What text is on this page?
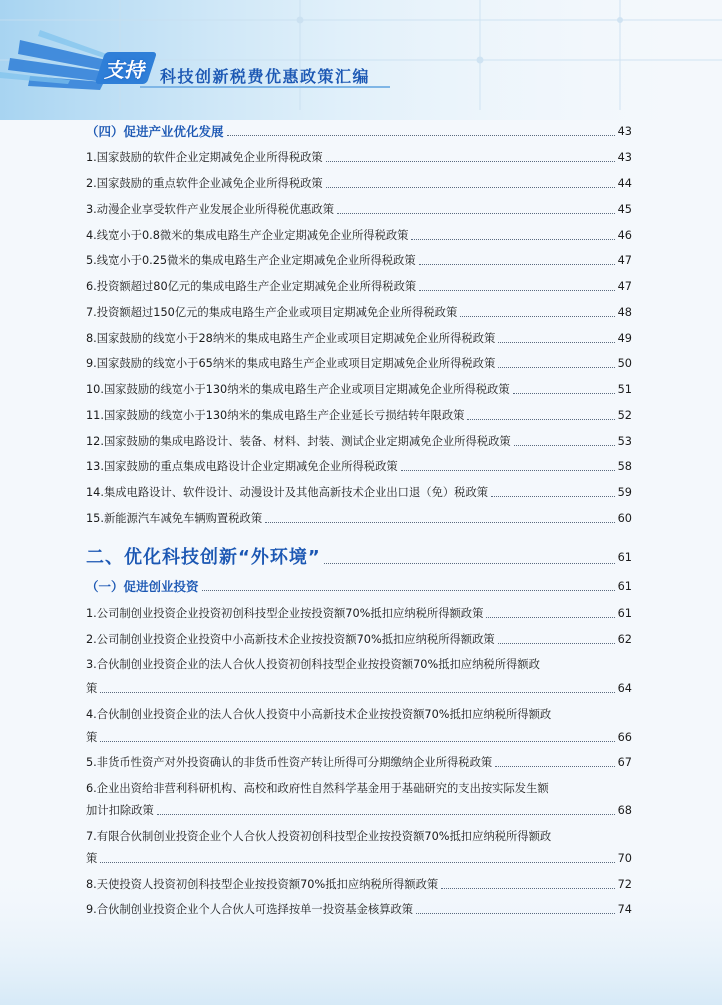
支持 科技创新税费优惠政策汇编
（四）促进产业优化发展	43
1.国家鼓励的软件企业定期减免企业所得税政策	43
2.国家鼓励的重点软件企业减免企业所得税政策	44
3.动漫企业享受软件产业发展企业所得税优惠政策	45
4.线宽小于0.8微米的集成电路生产企业定期减免企业所得税政策	46
5.线宽小于0.25微米的集成电路生产企业定期减免企业所得税政策	47
6.投资额超过80亿元的集成电路生产企业定期减免企业所得税政策	47
7.投资额超过150亿元的集成电路生产企业或项目定期减免企业所得税政策	48
8.国家鼓励的线宽小于28纳米的集成电路生产企业或项目定期减免企业所得税政策	49
9.国家鼓励的线宽小于65纳米的集成电路生产企业或项目定期减免企业所得税政策	50
10.国家鼓励的线宽小于130纳米的集成电路生产企业或项目定期减免企业所得税政策	51
11.国家鼓励的线宽小于130纳米的集成电路生产企业延长亏损结转年限政策	52
12.国家鼓励的集成电路设计、装备、材料、封装、测试企业定期减免企业所得税政策	53
13.国家鼓励的重点集成电路设计企业定期减免企业所得税政策	58
14.集成电路设计、软件设计、动漫设计及其他高新技术企业出口退（免）税政策	59
15.新能源汽车减免车辆购置税政策	60
二、优化科技创新“外环境”	61
（一）促进创业投资	61
1.公司制创业投资企业投资初创科技型企业按投资额70%抵扣应纳税所得额政策	61
2.公司制创业投资企业投资中小高新技术企业按投资额70%抵扣应纳税所得额政策	62
3.合伙制创业投资企业的法人合伙人投资初创科技型企业按投资额70%抵扣应纳税所得额政
策	64
4.合伙制创业投资企业的法人合伙人投资中小高新技术企业按投资额70%抵扣应纳税所得额政
策	66
5.非货币性资产对外投资确认的非货币性资产转让所得可分期缴纳企业所得税政策	67
6.企业出资给非营利科研机构、高校和政府性自然科学基金用于基础研究的支出按实际发生额
加计扣除政策	68
7.有限合伙制创业投资企业个人合伙人投资初创科技型企业按投资额70%抵扣应纳税所得额政
策	70
8.天使投资人投资初创科技型企业按投资额70%抵扣应纳税所得额政策	72
9.合伙制创业投资企业个人合伙人可选择按单一投资基金核算政策	74
